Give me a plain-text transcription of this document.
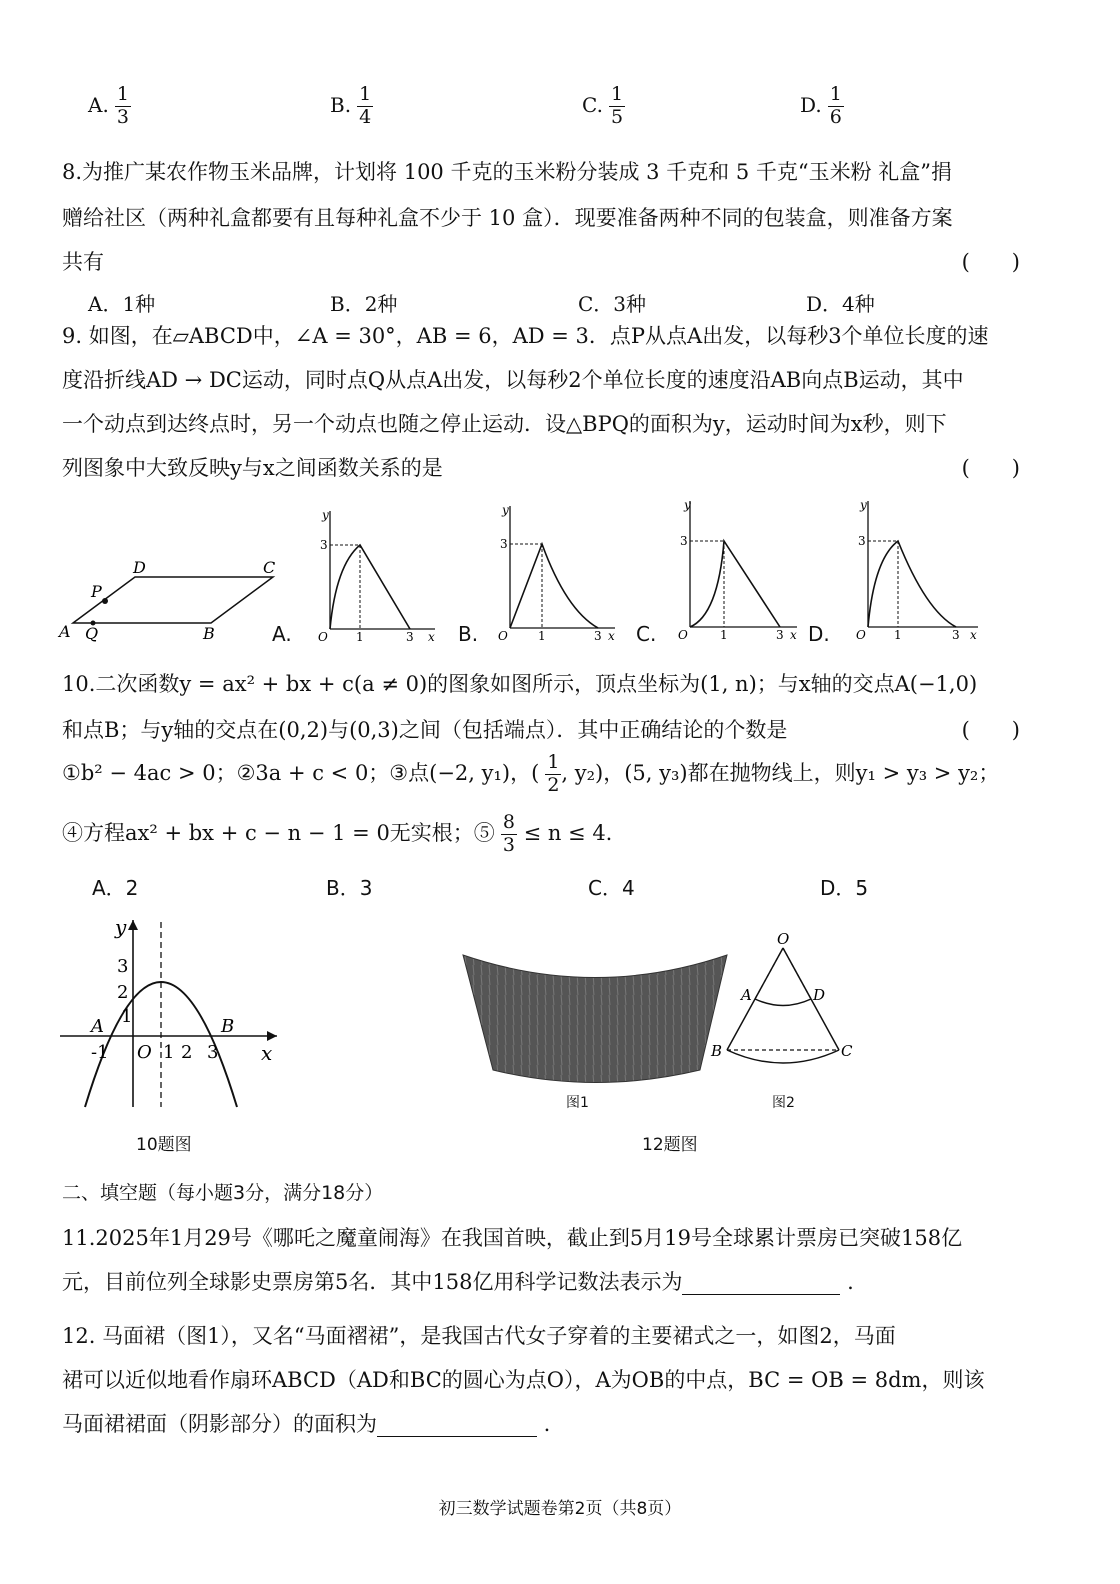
A. $\frac{1}{3}$	B. $\frac{1}{4}$	C. $\frac{1}{5}$	D. $\frac{1}{6}$
8.为推广某农作物玉米品牌，计划将 100 千克的玉米粉分装成 3 千克和 5 千克“玉米粉 礼盒”捐
赠给社区（两种礼盒都要有且每种礼盒不少于 10 盒）．现要准备两种不同的包装盒，则准备方案
共有	(　　)
A．1种	B．2种	C．3种	D．4种
9. 如图，在▱ABCD中，∠A = 30°，AB = 6，AD = 3．点P从点A出发，以每秒3个单位长度的速
度沿折线AD → DC运动，同时点Q从点A出发，以每秒2个单位长度的速度沿AB向点B运动，其中
一个动点到达终点时，另一个动点也随之停止运动．设△BPQ的面积为y，运动时间为x秒，则下
列图象中大致反映y与x之间函数关系的是	(　　)
D	C
P
A Q	B
y
x
O
3
1	3
A.
y
x
O
3
1	3
B.
y
x
O
3
1	3
C.
y
x
O
3
1	3
D.
10.二次函数y = ax² + bx + c(a ≠ 0)的图象如图所示，顶点坐标为(1, n)；与x轴的交点A(−1,0)
和点B；与y轴的交点在(0,2)与(0,3)之间（包括端点）．其中正确结论的个数是	(　　)
①b² − 4ac > 0；②3a + c < 0；③点(−2, y₁)，( $\frac{1}{2}$ , y₂)，(5, y₃)都在抛物线上，则y₁ > y₃ > y₂；
④方程ax² + bx + c − n − 1 = 0无实根；⑤ $\frac{8}{3} \le n \le 4$.
A．2	B．3	C．4	D．5
y
x
O
A	B
3
2
1
-1	1 2 3
10题图
图1
O
A	D
B	C
图2
12题图
二、填空题（每小题3分，满分18分）
11.2025年1月29号《哪吒之魔童闹海》在我国首映，截止到5月19号全球累计票房已突破158亿
元，目前位列全球影史票房第5名．其中158亿用科学记数法表示为	.
12. 马面裙（图1），又名“马面褶裙”，是我国古代女子穿着的主要裙式之一，如图2，马面
裙可以近似地看作扇环ABCD（AD和BC的圆心为点O），A为OB的中点，BC = OB = 8dm，则该
马面裙裙面（阴影部分）的面积为	.
初三数学试题卷第2页（共8页）
